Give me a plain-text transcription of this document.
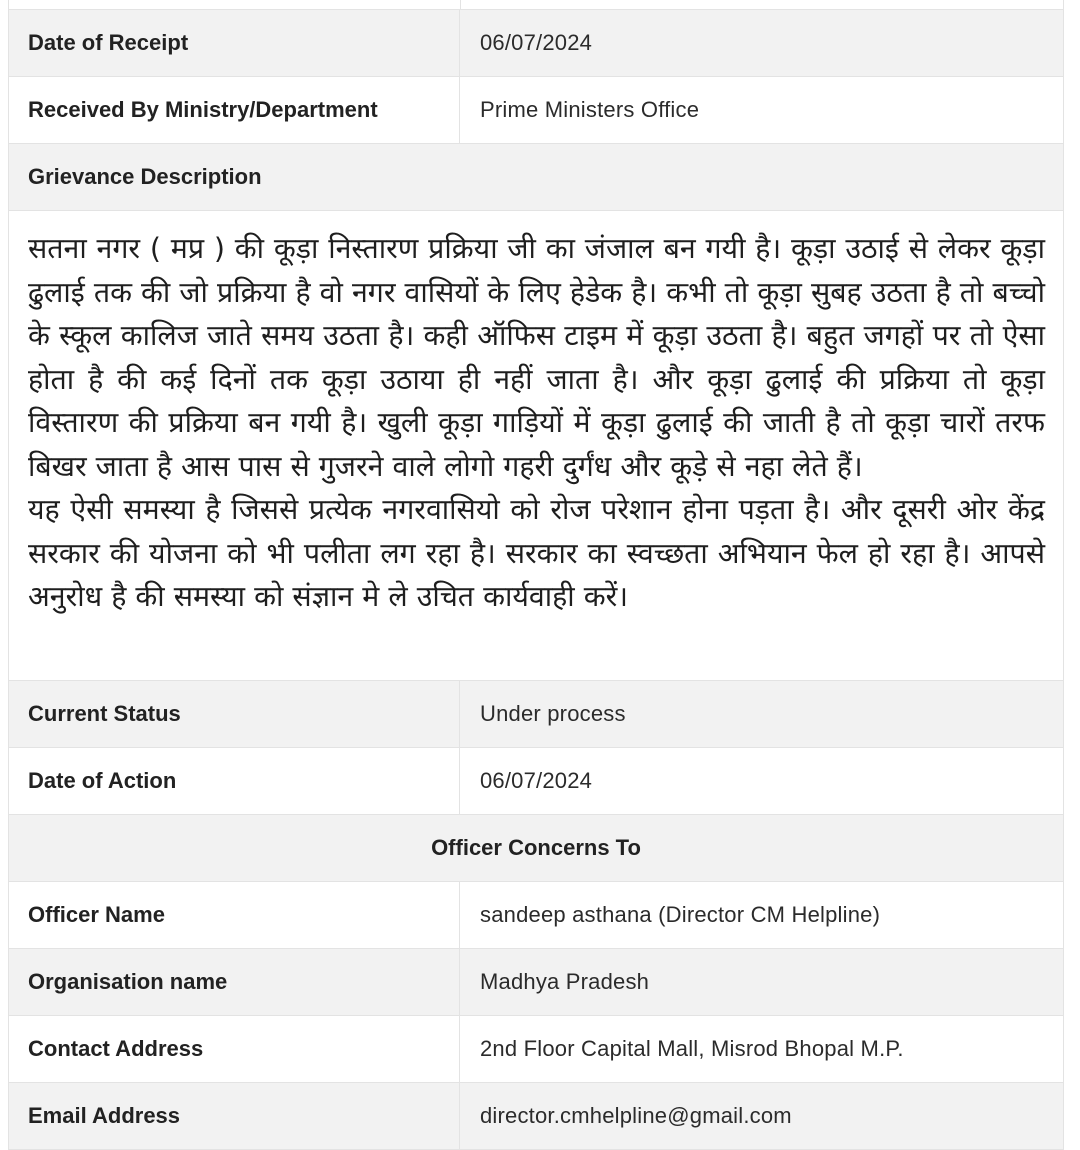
Date of Receipt	06/07/2024
Received By Ministry/Department	Prime Ministers Office
Grievance Description
सतना नगर ( मप्र ) की कूड़ा निस्तारण प्रक्रिया जी का जंजाल बन गयी है। कूड़ा उठाई से लेकर कूड़ा ढुलाई तक की जो प्रक्रिया है वो नगर वासियों के लिए हेडेक है। कभी तो कूड़ा सुबह उठता है तो बच्चो के स्कूल कालिज जाते समय उठता है। कही ऑफिस टाइम में कूड़ा उठता है। बहुत जगहों पर तो ऐसा होता है की कई दिनों तक कूड़ा उठाया ही नहीं जाता है। और कूड़ा ढुलाई की प्रक्रिया तो कूड़ा विस्तारण की प्रक्रिया बन गयी है। खुली कूड़ा गाड़ियों में कूड़ा ढुलाई की जाती है तो कूड़ा चारों तरफ बिखर जाता है आस पास से गुजरने वाले लोगो गहरी दुर्गंध और कूड़े से नहा लेते हैं।
यह ऐसी समस्या है जिससे प्रत्येक नगरवासियो को रोज परेशान होना पड़ता है। और दूसरी ओर केंद्र सरकार की योजना को भी पलीता लग रहा है। सरकार का स्वच्छता अभियान फेल हो रहा है। आपसे अनुरोध है की समस्या को संज्ञान मे ले उचित कार्यवाही करें।
Current Status	Under process
Date of Action	06/07/2024
Officer Concerns To
Officer Name	sandeep asthana (Director CM Helpline)
Organisation name	Madhya Pradesh
Contact Address	2nd Floor Capital Mall, Misrod Bhopal M.P.
Email Address	director.cmhelpline@gmail.com
